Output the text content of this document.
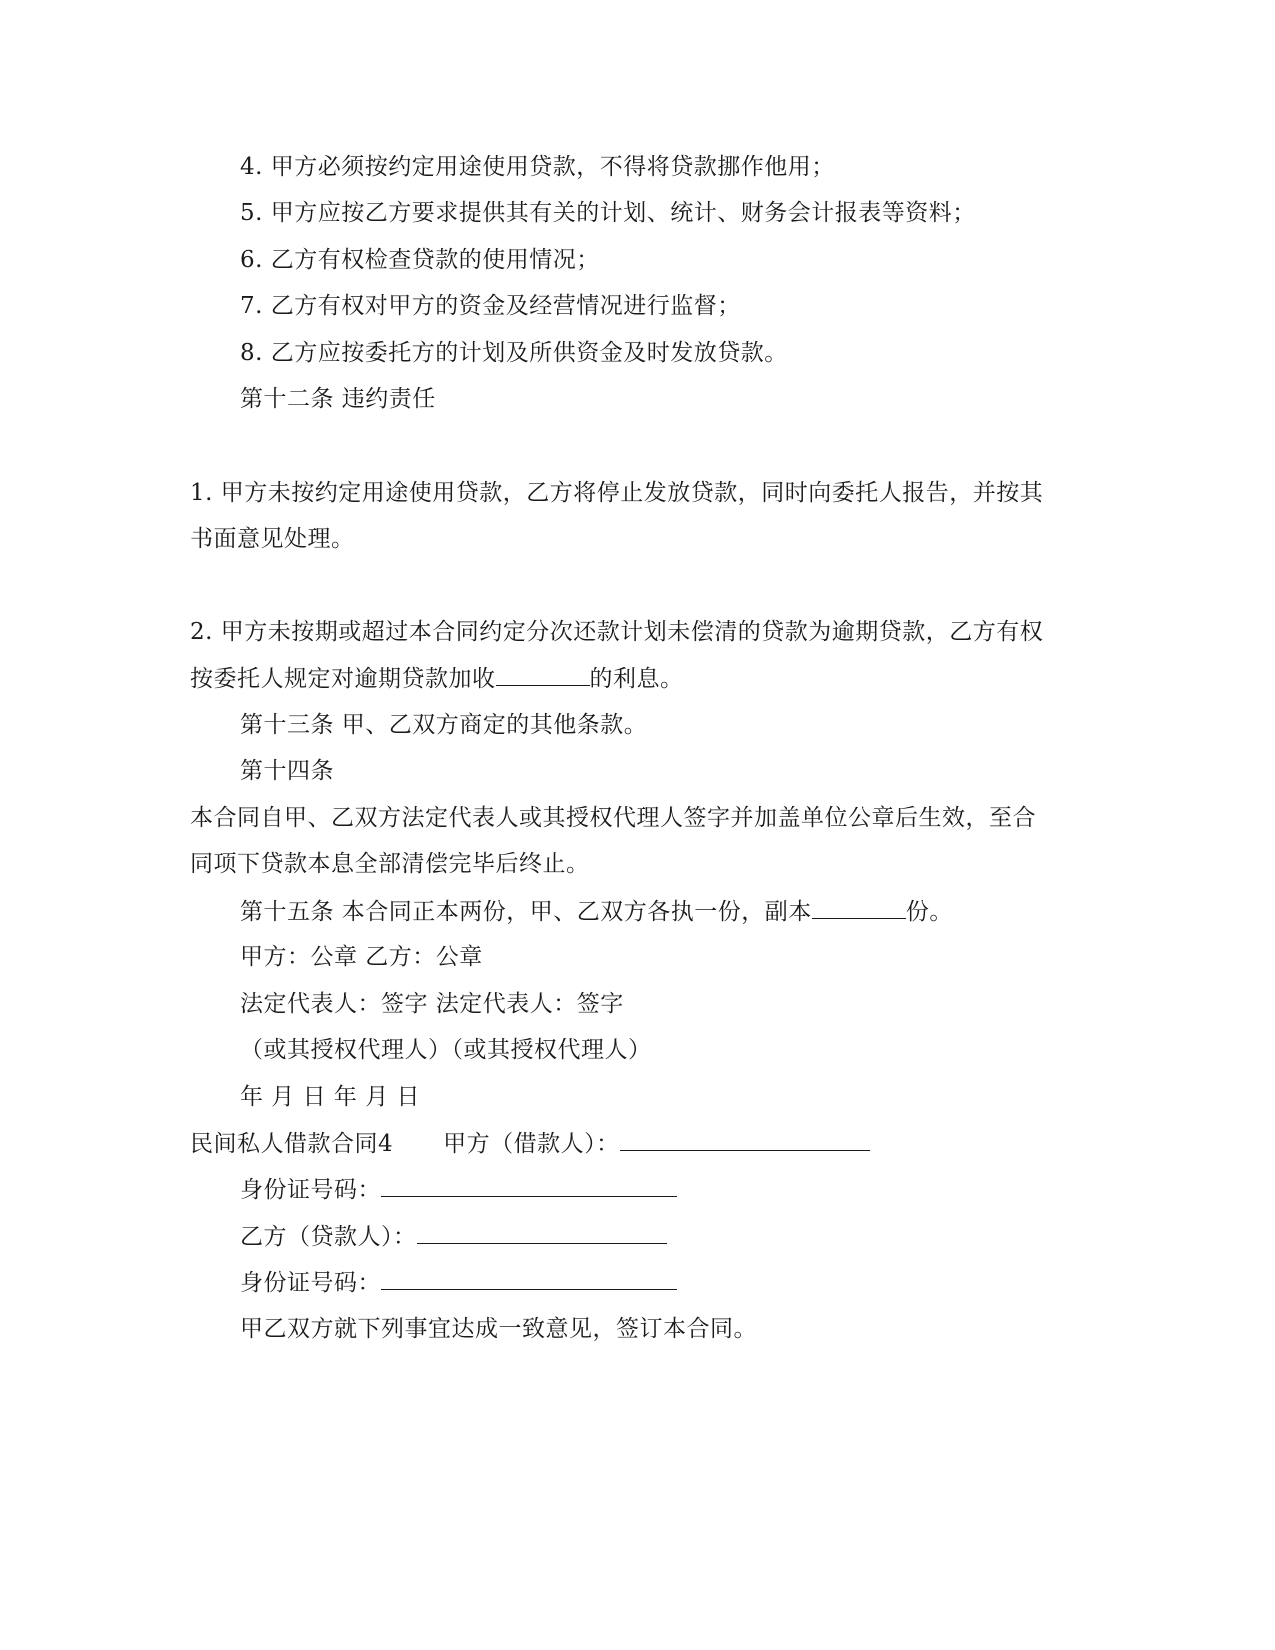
4. 甲方必须按约定用途使用贷款，不得将贷款挪作他用；
5. 甲方应按乙方要求提供其有关的计划、统计、财务会计报表等资料；
6. 乙方有权检查贷款的使用情况；
7. 乙方有权对甲方的资金及经营情况进行监督；
8. 乙方应按委托方的计划及所供资金及时发放贷款。
第十二条 违约责任
1. 甲方未按约定用途使用贷款，乙方将停止发放贷款，同时向委托人报告，并按其
书面意见处理。
2. 甲方未按期或超过本合同约定分次还款计划未偿清的贷款为逾期贷款，乙方有权
按委托人规定对逾期贷款加收	的利息。
第十三条 甲、乙双方商定的其他条款。
第十四条
本合同自甲、乙双方法定代表人或其授权代理人签字并加盖单位公章后生效，至合
同项下贷款本息全部清偿完毕后终止。
第十五条 本合同正本两份，甲、乙双方各执一份，副本	份。
甲方：公章 乙方：公章
法定代表人：签字 法定代表人：签字
（或其授权代理人）（或其授权代理人）
年 月 日 年 月 日
民间私人借款合同4 甲方（借款人）：
身份证号码：
乙方（贷款人）：
身份证号码：
甲乙双方就下列事宜达成一致意见，签订本合同。
